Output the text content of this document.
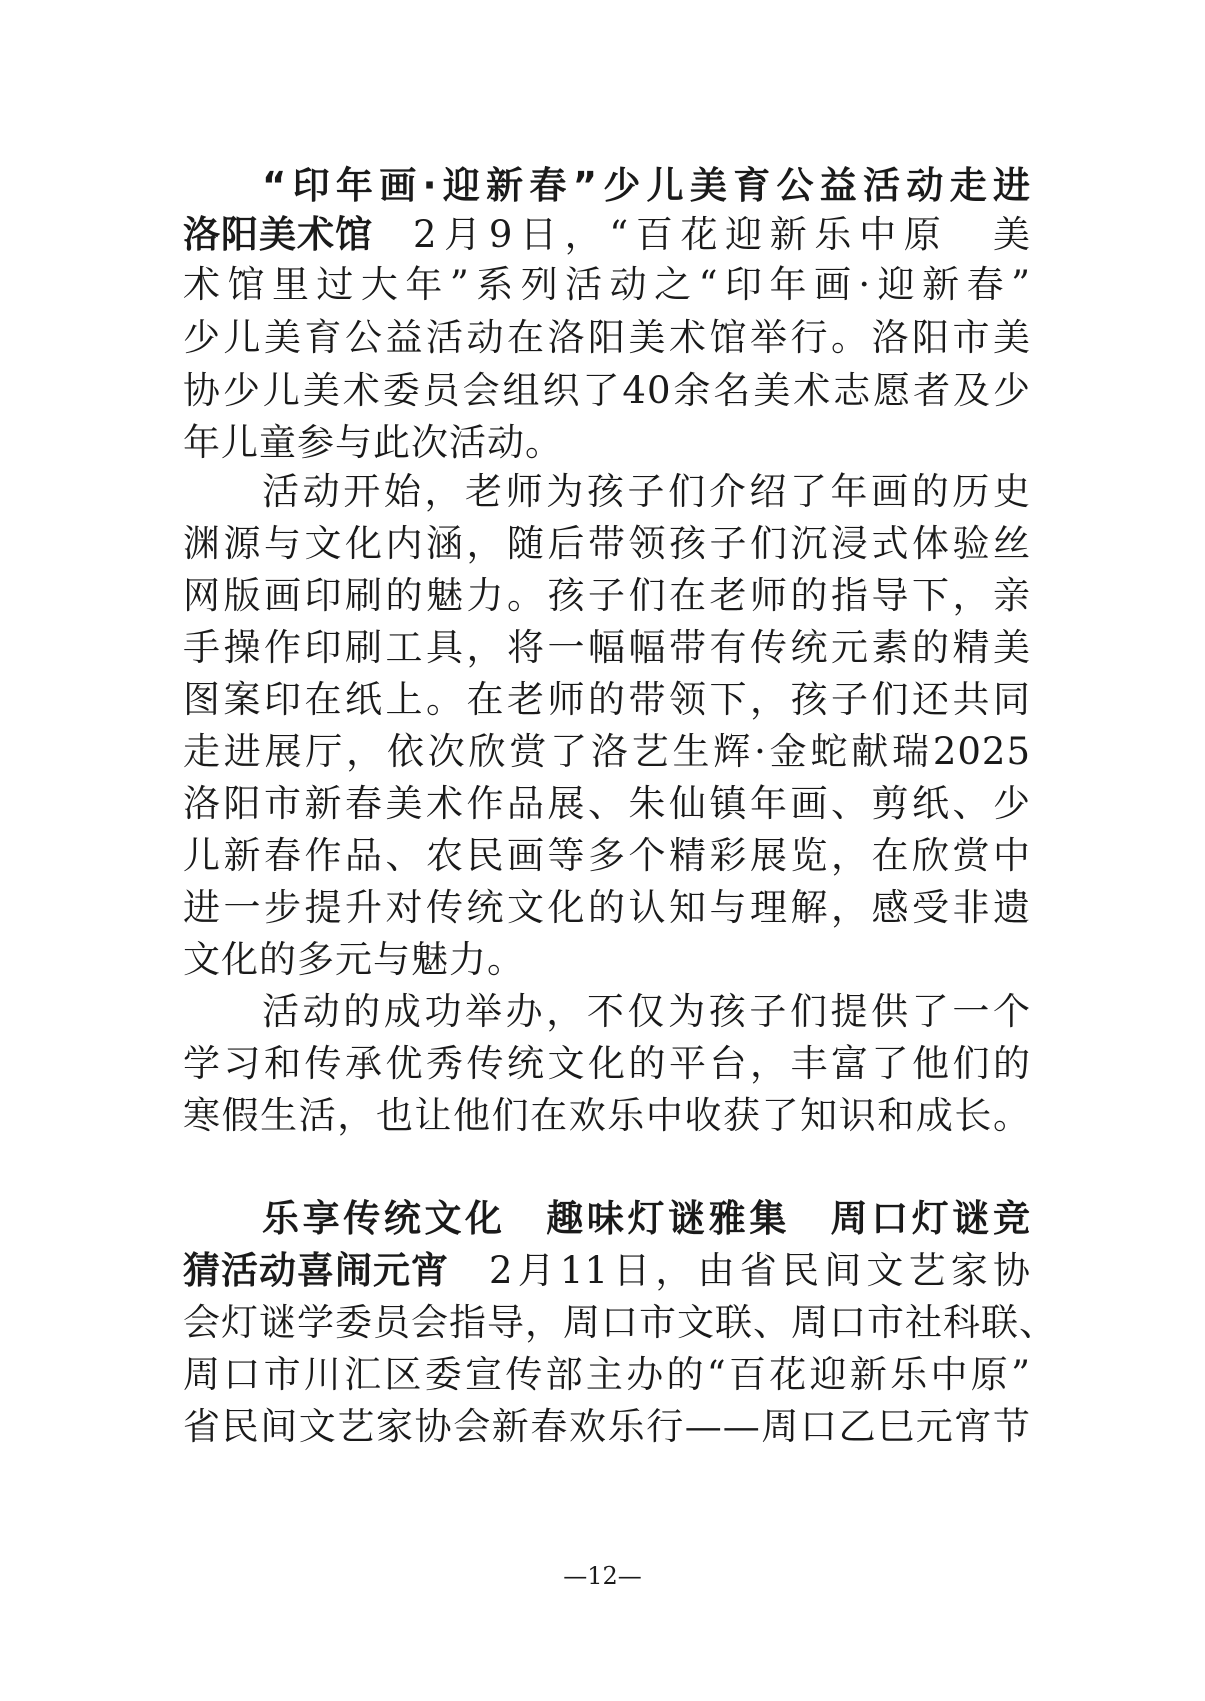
“印年画·迎新春”少儿美育公益活动走进
洛阳美术馆 2月9日，“百花迎新乐中原　美
术馆里过大年”系列活动之“印年画·迎新春”
少儿美育公益活动在洛阳美术馆举行。洛阳市美
协少儿美术委员会组织了40余名美术志愿者及少
年儿童参与此次活动。
活动开始，老师为孩子们介绍了年画的历史
渊源与文化内涵，随后带领孩子们沉浸式体验丝
网版画印刷的魅力。孩子们在老师的指导下，亲
手操作印刷工具，将一幅幅带有传统元素的精美
图案印在纸上。在老师的带领下，孩子们还共同
走进展厅，依次欣赏了洛艺生辉·金蛇献瑞2025
洛阳市新春美术作品展、朱仙镇年画、剪纸、少
儿新春作品、农民画等多个精彩展览，在欣赏中
进一步提升对传统文化的认知与理解，感受非遗
文化的多元与魅力。
活动的成功举办，不仅为孩子们提供了一个
学习和传承优秀传统文化的平台，丰富了他们的
寒假生活，也让他们在欢乐中收获了知识和成长。
乐享传统文化　趣味灯谜雅集　周口灯谜竞
猜活动喜闹元宵 2月11日，由省民间文艺家协
会灯谜学委员会指导，周口市文联、周口市社科联、
周口市川汇区委宣传部主办的“百花迎新乐中原”
省民间文艺家协会新春欢乐行——周口乙巳元宵节
—12—
